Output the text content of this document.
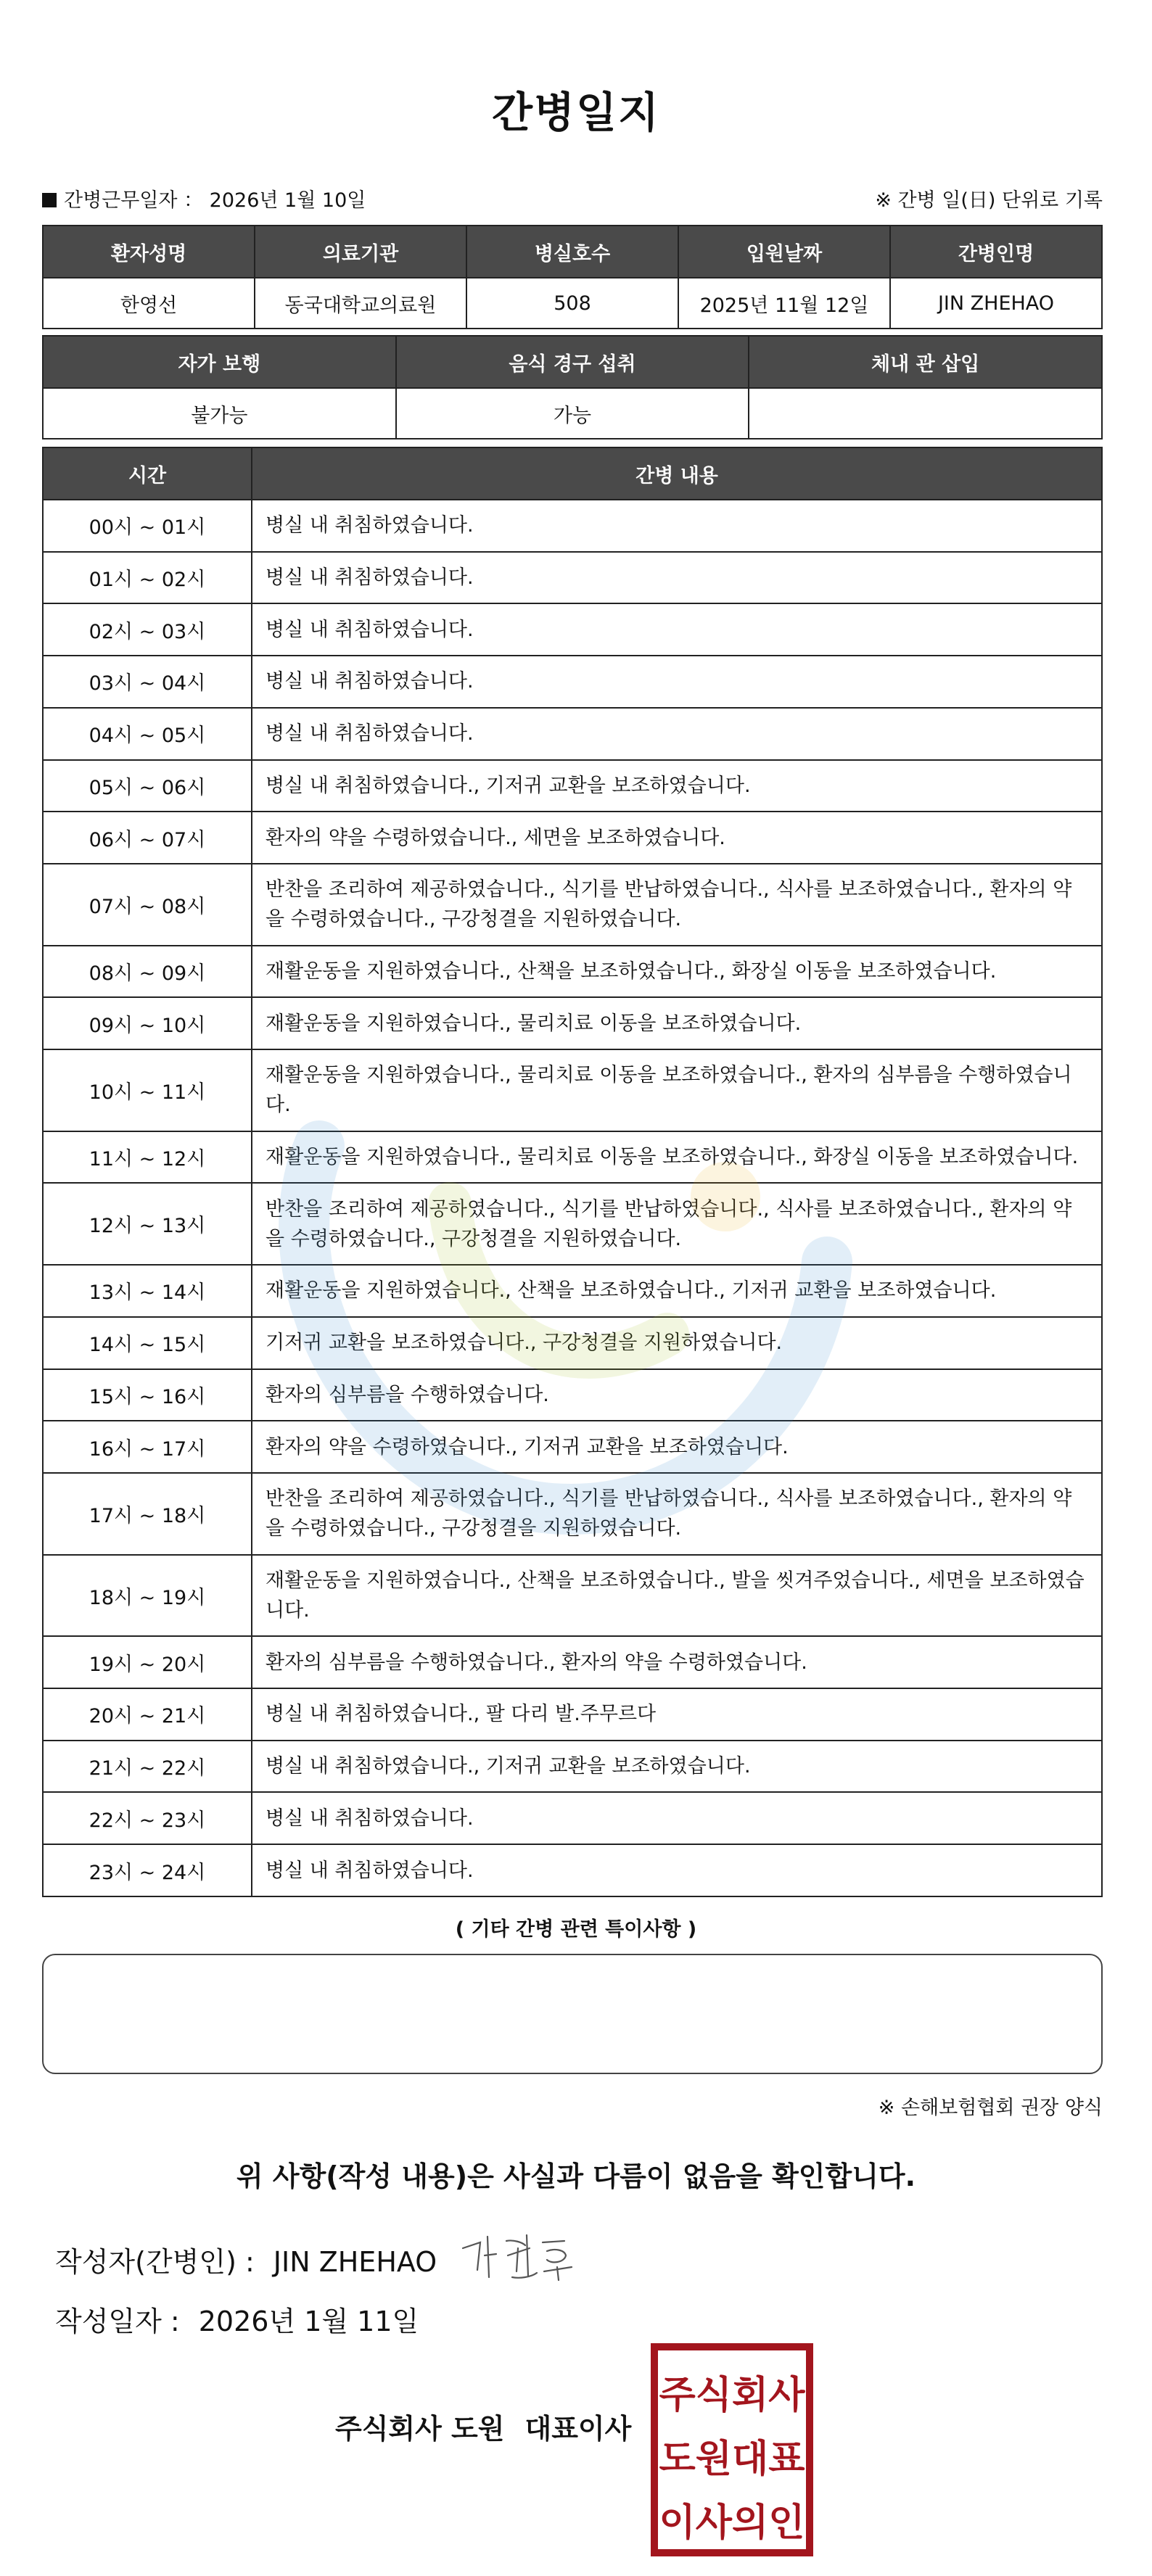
간병일지
간병근무일자 ： 2026년 1월 10일	※ 간병 일(日) 단위로 기록
환자성명	의료기관	병실호수	입원날짜	간병인명
한영선	동국대학교의료원	508	2025년 11월 12일	JIN ZHEHAO
자가 보행	음식 경구 섭취	체내 관 삽입
불가능	가능	
시간	간병 내용
00시 ~ 01시	병실 내 취침하였습니다.
01시 ~ 02시	병실 내 취침하였습니다.
02시 ~ 03시	병실 내 취침하였습니다.
03시 ~ 04시	병실 내 취침하였습니다.
04시 ~ 05시	병실 내 취침하였습니다.
05시 ~ 06시	병실 내 취침하였습니다., 기저귀 교환을 보조하였습니다.
06시 ~ 07시	환자의 약을 수령하였습니다., 세면을 보조하였습니다.
07시 ~ 08시	반찬을 조리하여 제공하였습니다., 식기를 반납하였습니다., 식사를 보조하였습니다., 환자의 약을 수령하였습니다., 구강청결을 지원하였습니다.
08시 ~ 09시	재활운동을 지원하였습니다., 산책을 보조하였습니다., 화장실 이동을 보조하였습니다.
09시 ~ 10시	재활운동을 지원하였습니다., 물리치료 이동을 보조하였습니다.
10시 ~ 11시	재활운동을 지원하였습니다., 물리치료 이동을 보조하였습니다., 환자의 심부름을 수행하였습니다.
11시 ~ 12시	재활운동을 지원하였습니다., 물리치료 이동을 보조하였습니다., 화장실 이동을 보조하였습니다.
12시 ~ 13시	반찬을 조리하여 제공하였습니다., 식기를 반납하였습니다., 식사를 보조하였습니다., 환자의 약을 수령하였습니다., 구강청결을 지원하였습니다.
13시 ~ 14시	재활운동을 지원하였습니다., 산책을 보조하였습니다., 기저귀 교환을 보조하였습니다.
14시 ~ 15시	기저귀 교환을 보조하였습니다., 구강청결을 지원하였습니다.
15시 ~ 16시	환자의 심부름을 수행하였습니다.
16시 ~ 17시	환자의 약을 수령하였습니다., 기저귀 교환을 보조하였습니다.
17시 ~ 18시	반찬을 조리하여 제공하였습니다., 식기를 반납하였습니다., 식사를 보조하였습니다., 환자의 약을 수령하였습니다., 구강청결을 지원하였습니다.
18시 ~ 19시	재활운동을 지원하였습니다., 산책을 보조하였습니다., 발을 씻겨주었습니다., 세면을 보조하였습니다.
19시 ~ 20시	환자의 심부름을 수행하였습니다., 환자의 약을 수령하였습니다.
20시 ~ 21시	병실 내 취침하였습니다., 팔 다리 발.주무르다
21시 ~ 22시	병실 내 취침하였습니다., 기저귀 교환을 보조하였습니다.
22시 ~ 23시	병실 내 취침하였습니다.
23시 ~ 24시	병실 내 취침하였습니다.
( 기타 간병 관련 특이사항 )
※ 손해보험협회 권장 양식
위 사항(작성 내용)은 사실과 다름이 없음을 확인합니다.
작성자(간병인) : JIN ZHEHAO
작성일자 : 2026년 1월 11일
주식회사 도원 대표이사
주식회사
도원대표
이사의인
